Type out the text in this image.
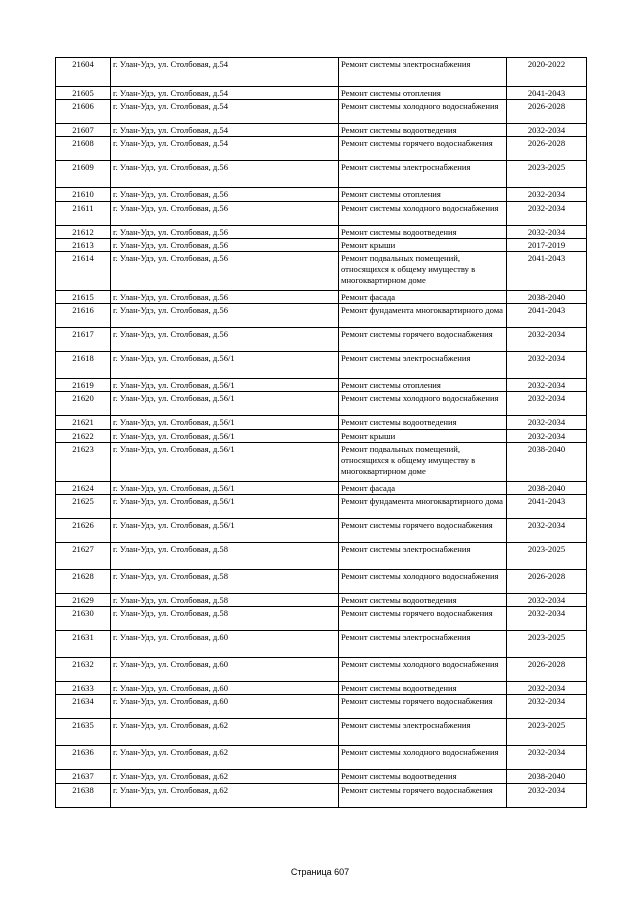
21604	г. Улан-Удэ, ул. Столбовая, д.54	Ремонт системы электроснабжения	2020-2022
21605	г. Улан-Удэ, ул. Столбовая, д.54	Ремонт системы отопления	2041-2043
21606	г. Улан-Удэ, ул. Столбовая, д.54	Ремонт системы холодного водоснабжения	2026-2028
21607	г. Улан-Удэ, ул. Столбовая, д.54	Ремонт системы водоотведения	2032-2034
21608	г. Улан-Удэ, ул. Столбовая, д.54	Ремонт системы горячего водоснабжения	2026-2028
21609	г. Улан-Удэ, ул. Столбовая, д.56	Ремонт системы электроснабжения	2023-2025
21610	г. Улан-Удэ, ул. Столбовая, д.56	Ремонт системы отопления	2032-2034
21611	г. Улан-Удэ, ул. Столбовая, д.56	Ремонт системы холодного водоснабжения	2032-2034
21612	г. Улан-Удэ, ул. Столбовая, д.56	Ремонт системы водоотведения	2032-2034
21613	г. Улан-Удэ, ул. Столбовая, д.56	Ремонт крыши	2017-2019
21614	г. Улан-Удэ, ул. Столбовая, д.56	Ремонт подвальных помещений, относящихся к общему имуществу в многоквартирном доме	2041-2043
21615	г. Улан-Удэ, ул. Столбовая, д.56	Ремонт фасада	2038-2040
21616	г. Улан-Удэ, ул. Столбовая, д.56	Ремонт фундамента многоквартирного дома	2041-2043
21617	г. Улан-Удэ, ул. Столбовая, д.56	Ремонт системы горячего водоснабжения	2032-2034
21618	г. Улан-Удэ, ул. Столбовая, д.56/1	Ремонт системы электроснабжения	2032-2034
21619	г. Улан-Удэ, ул. Столбовая, д.56/1	Ремонт системы отопления	2032-2034
21620	г. Улан-Удэ, ул. Столбовая, д.56/1	Ремонт системы холодного водоснабжения	2032-2034
21621	г. Улан-Удэ, ул. Столбовая, д.56/1	Ремонт системы водоотведения	2032-2034
21622	г. Улан-Удэ, ул. Столбовая, д.56/1	Ремонт крыши	2032-2034
21623	г. Улан-Удэ, ул. Столбовая, д.56/1	Ремонт подвальных помещений, относящихся к общему имуществу в многоквартирном доме	2038-2040
21624	г. Улан-Удэ, ул. Столбовая, д.56/1	Ремонт фасада	2038-2040
21625	г. Улан-Удэ, ул. Столбовая, д.56/1	Ремонт фундамента многоквартирного дома	2041-2043
21626	г. Улан-Удэ, ул. Столбовая, д.56/1	Ремонт системы горячего водоснабжения	2032-2034
21627	г. Улан-Удэ, ул. Столбовая, д.58	Ремонт системы электроснабжения	2023-2025
21628	г. Улан-Удэ, ул. Столбовая, д.58	Ремонт системы холодного водоснабжения	2026-2028
21629	г. Улан-Удэ, ул. Столбовая, д.58	Ремонт системы водоотведения	2032-2034
21630	г. Улан-Удэ, ул. Столбовая, д.58	Ремонт системы горячего водоснабжения	2032-2034
21631	г. Улан-Удэ, ул. Столбовая, д.60	Ремонт системы электроснабжения	2023-2025
21632	г. Улан-Удэ, ул. Столбовая, д.60	Ремонт системы холодного водоснабжения	2026-2028
21633	г. Улан-Удэ, ул. Столбовая, д.60	Ремонт системы водоотведения	2032-2034
21634	г. Улан-Удэ, ул. Столбовая, д.60	Ремонт системы горячего водоснабжения	2032-2034
21635	г. Улан-Удэ, ул. Столбовая, д.62	Ремонт системы электроснабжения	2023-2025
21636	г. Улан-Удэ, ул. Столбовая, д.62	Ремонт системы холодного водоснабжения	2032-2034
21637	г. Улан-Удэ, ул. Столбовая, д.62	Ремонт системы водоотведения	2038-2040
21638	г. Улан-Удэ, ул. Столбовая, д.62	Ремонт системы горячего водоснабжения	2032-2034
Страница 607
